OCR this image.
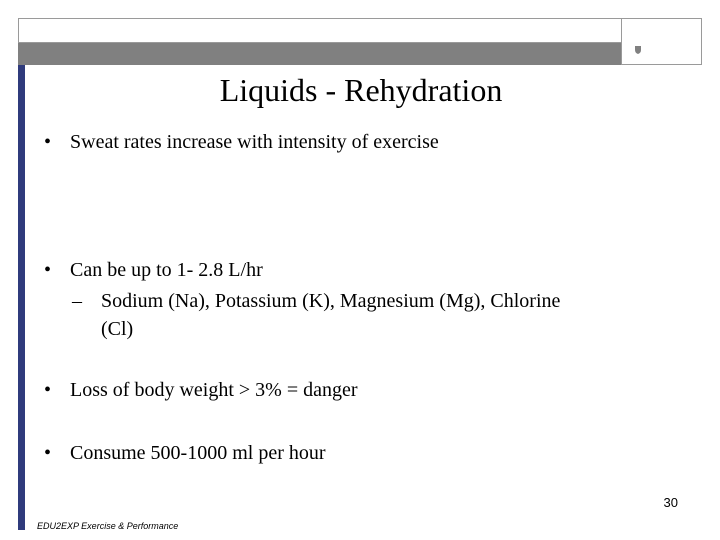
LA TROBE
UNIVERSITY
Liquids - Rehydration
• Sweat rates increase with intensity of exercise
• Can be up to 1- 2.8 L/hr
– Sodium (Na), Potassium (K), Magnesium (Mg), Chlorine
(Cl)
• Loss of body weight > 3% = danger
• Consume 500-1000 ml per hour
30
EDU2EXP Exercise & Performance
